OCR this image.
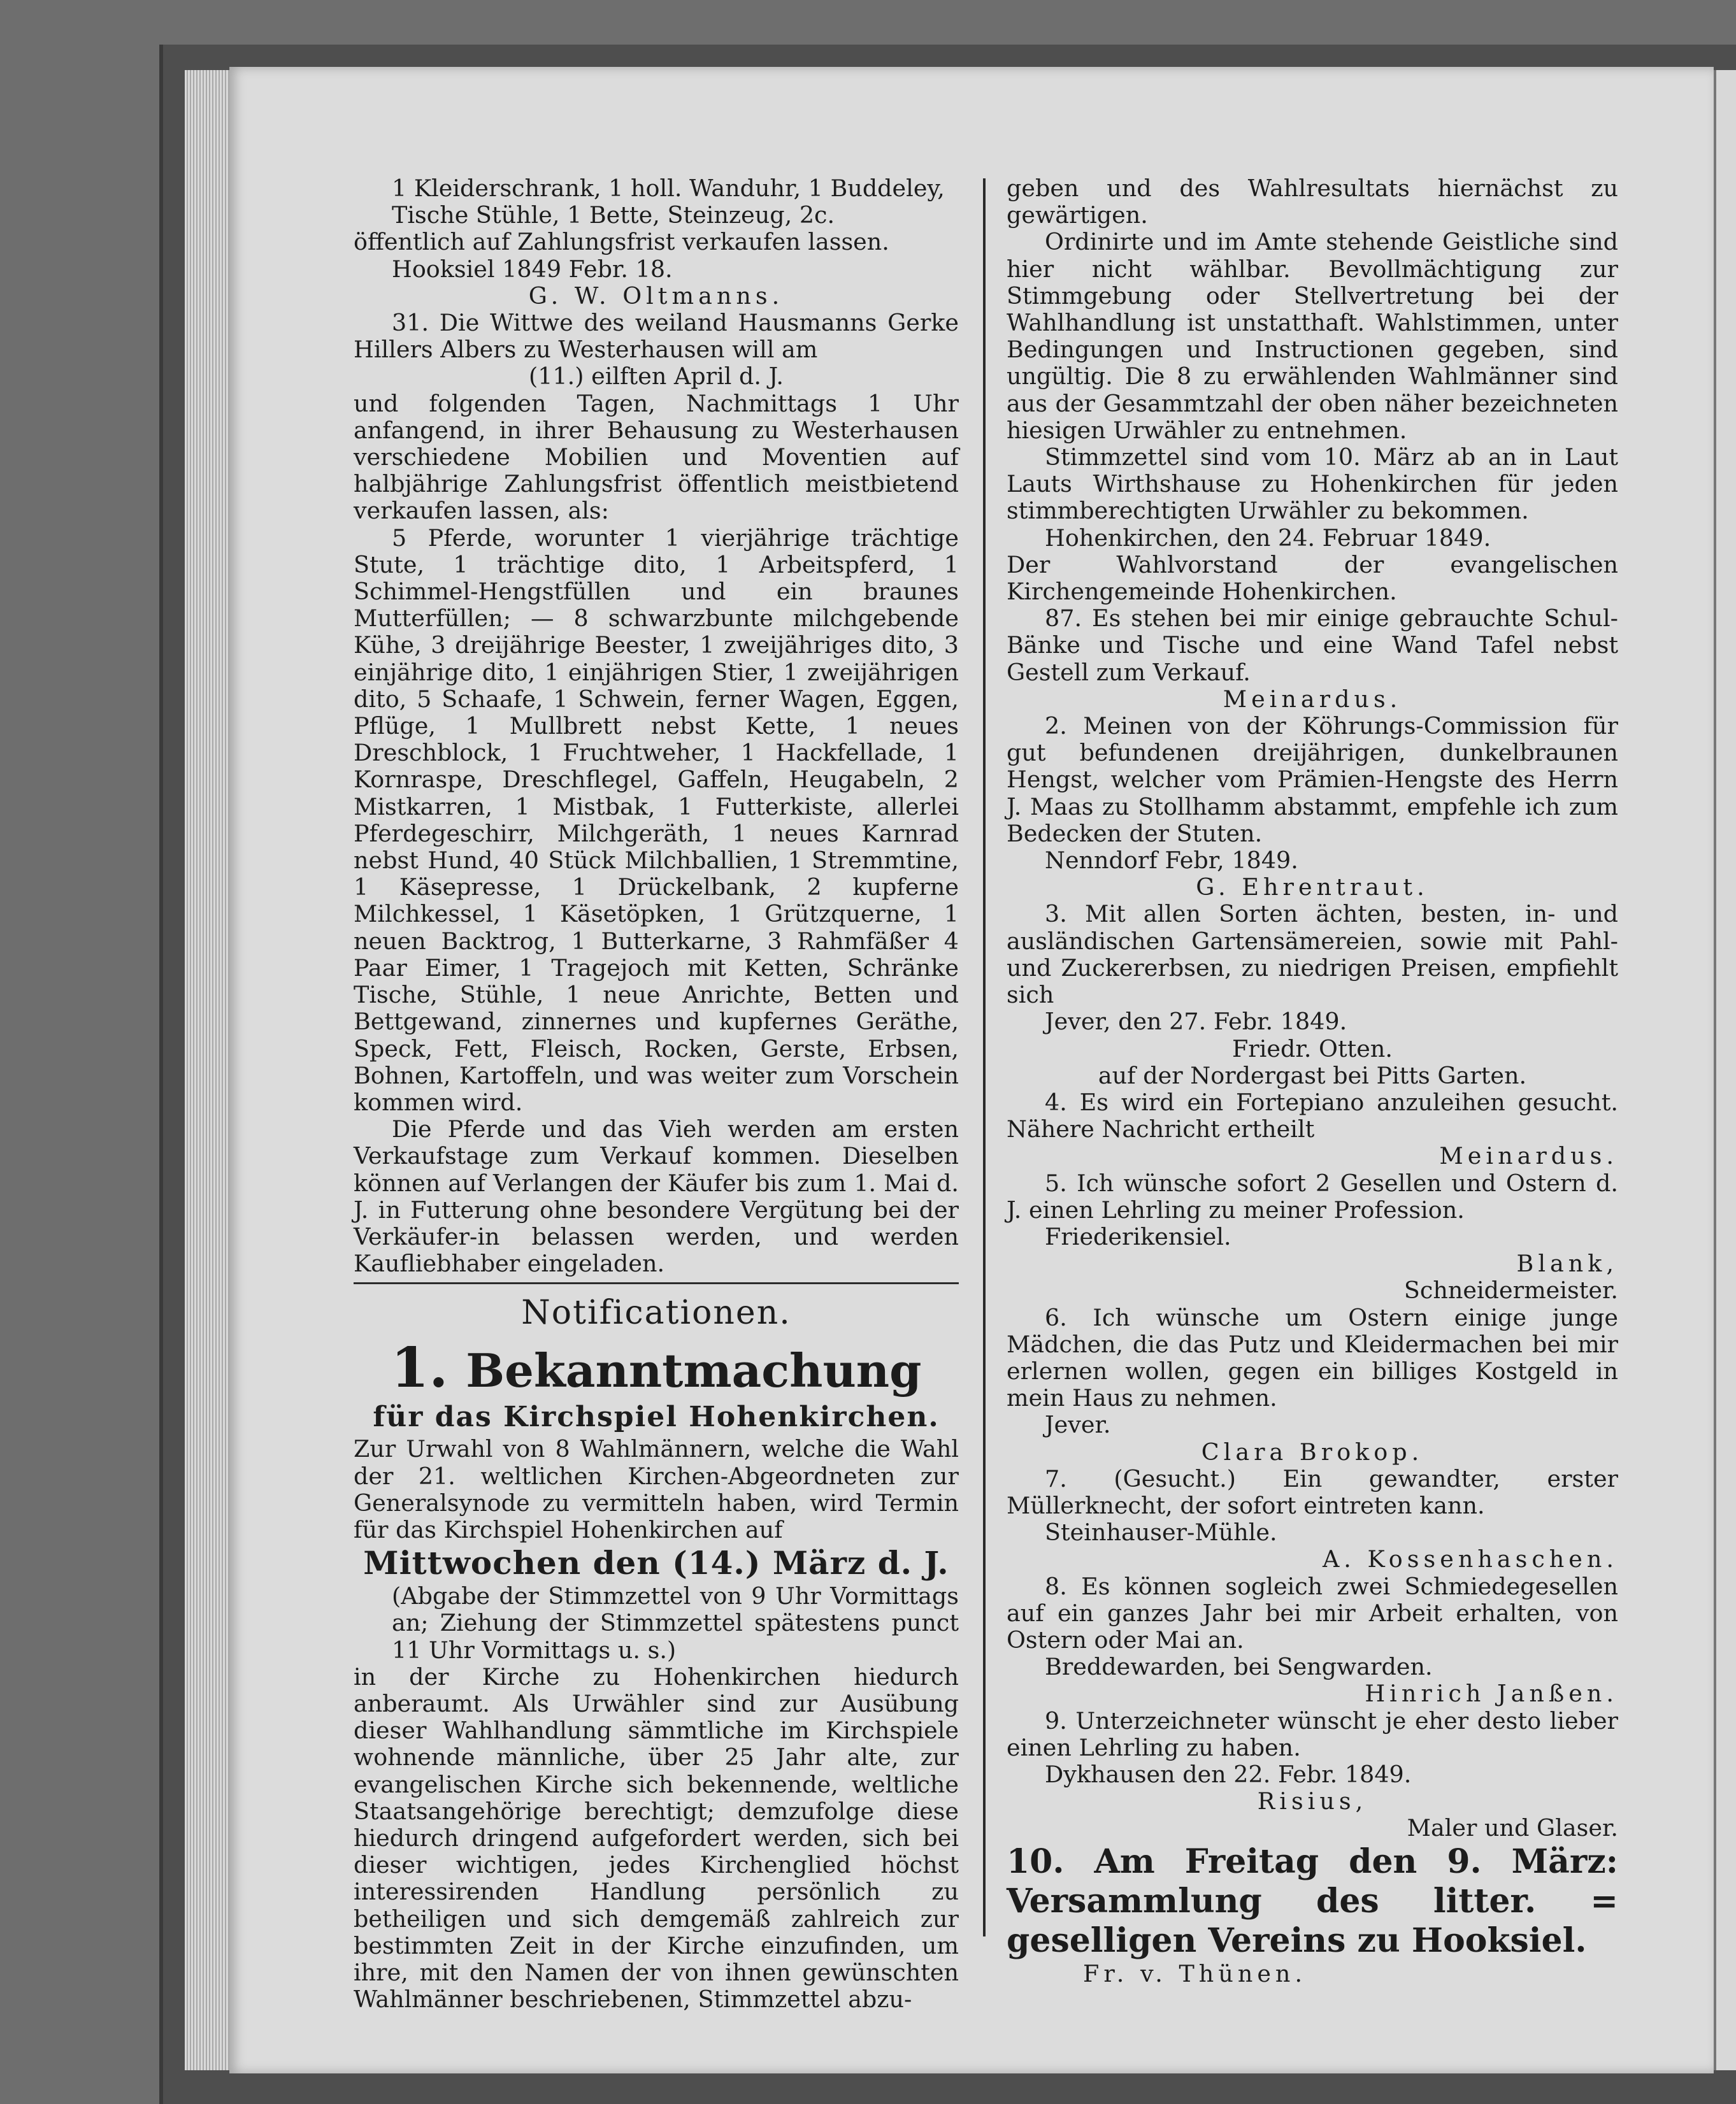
1 Kleiderschrank, 1 holl. Wanduhr, 1 Buddeley,

Tische Stühle, 1 Bette, Steinzeug, 2c.

öffentlich auf Zahlungsfrist verkaufen lassen.

Hooksiel 1849 Febr. 18.

G. W. Oltmanns.

31. Die Wittwe des weiland Hausmanns Gerke Hillers Albers zu Westerhausen will am

(11.) eilften April d. J.

und folgenden Tagen, Nachmittags 1 Uhr anfangend, in ihrer Behausung zu Westerhausen verschiedene Mobilien und Moventien auf halbjährige Zahlungsfrist öffentlich meistbietend verkaufen lassen, als:

5 Pferde, worunter 1 vierjährige trächtige Stute, 1 trächtige dito, 1 Arbeitspferd, 1 Schimmel-Hengstfüllen und ein braunes Mutterfüllen; — 8 schwarzbunte milchgebende Kühe, 3 dreijährige Beester, 1 zweijähriges dito, 3 einjährige dito, 1 einjährigen Stier, 1 zweijährigen dito, 5 Schaafe, 1 Schwein, ferner Wagen, Eggen, Pflüge, 1 Mullbrett nebst Kette, 1 neues Dreschblock, 1 Fruchtweher, 1 Hackfellade, 1 Kornraspe, Dreschflegel, Gaffeln, Heugabeln, 2 Mistkarren, 1 Mistbak, 1 Futterkiste, allerlei Pferdegeschirr, Milchgeräth, 1 neues Karnrad nebst Hund, 40 Stück Milchballien, 1 Stremmtine, 1 Käsepresse, 1 Drückelbank, 2 kupferne Milchkessel, 1 Käsetöpken, 1 Grützquerne, 1 neuen Backtrog, 1 Butterkarne, 3 Rahmfäßer 4 Paar Eimer, 1 Tragejoch mit Ketten, Schränke Tische, Stühle, 1 neue Anrichte, Betten und Bettgewand, zinnernes und kupfernes Geräthe, Speck, Fett, Fleisch, Rocken, Gerste, Erbsen, Bohnen, Kartoffeln, und was weiter zum Vorschein kommen wird.

Die Pferde und das Vieh werden am ersten Verkaufstage zum Verkauf kommen. Dieselben können auf Verlangen der Käufer bis zum 1. Mai d. J. in Futterung ohne besondere Vergütung bei der Verkäufer-in belassen werden, und werden Kaufliebhaber eingeladen.

Notificationen.
1. Bekanntmachung
für das Kirchspiel Hohenkirchen.

Zur Urwahl von 8 Wahlmännern, welche die Wahl der 21. weltlichen Kirchen-Abgeordneten zur Generalsynode zu vermitteln haben, wird Termin für das Kirchspiel Hohenkirchen auf

Mittwochen den (14.) März d. J.

(Abgabe der Stimmzettel von 9 Uhr Vormittags an; Ziehung der Stimmzettel spätestens punct 11 Uhr Vormittags u. s.)

in der Kirche zu Hohenkirchen hiedurch anberaumt. Als Urwähler sind zur Ausübung dieser Wahlhandlung sämmtliche im Kirchspiele wohnende männliche, über 25 Jahr alte, zur evangelischen Kirche sich bekennende, weltliche Staatsangehörige berechtigt; demzufolge diese hiedurch dringend aufgefordert werden, sich bei dieser wichtigen, jedes Kirchenglied höchst interessirenden Handlung persönlich zu betheiligen und sich demgemäß zahlreich zur bestimmten Zeit in der Kirche einzufinden, um ihre, mit den Namen der von ihnen gewünschten Wahlmänner beschriebenen, Stimmzettel abzu-

geben und des Wahlresultats hiernächst zu gewärtigen.

Ordinirte und im Amte stehende Geistliche sind hier nicht wählbar. Bevollmächtigung zur Stimmgebung oder Stellvertretung bei der Wahlhandlung ist unstatthaft. Wahlstimmen, unter Bedingungen und Instructionen gegeben, sind ungültig. Die 8 zu erwählenden Wahlmänner sind aus der Gesammtzahl der oben näher bezeichneten hiesigen Urwähler zu entnehmen.

Stimmzettel sind vom 10. März ab an in Laut Lauts Wirthshause zu Hohenkirchen für jeden stimmberechtigten Urwähler zu bekommen.

Hohenkirchen, den 24. Februar 1849.

Der Wahlvorstand der evangelischen Kirchengemeinde Hohenkirchen.

87. Es stehen bei mir einige gebrauchte Schul-Bänke und Tische und eine Wand Tafel nebst Gestell zum Verkauf.

Meinardus.

2. Meinen von der Köhrungs-Commission für gut befundenen dreijährigen, dunkelbraunen Hengst, welcher vom Prämien-Hengste des Herrn J. Maas zu Stollhamm abstammt, empfehle ich zum Bedecken der Stuten.

Nenndorf Febr, 1849.

G. Ehrentraut.

3. Mit allen Sorten ächten, besten, in- und ausländischen Gartensämereien, sowie mit Pahl- und Zuckererbsen, zu niedrigen Preisen, empfiehlt sich

Jever, den 27. Febr. 1849.

Friedr. Otten.

auf der Nordergast bei Pitts Garten.

4. Es wird ein Fortepiano anzuleihen gesucht. Nähere Nachricht ertheilt

Meinardus.

5. Ich wünsche sofort 2 Gesellen und Ostern d. J. einen Lehrling zu meiner Profession.

Friederikensiel.

Blank,

Schneidermeister.

6. Ich wünsche um Ostern einige junge Mädchen, die das Putz und Kleidermachen bei mir erlernen wollen, gegen ein billiges Kostgeld in mein Haus zu nehmen.

Jever.

Clara Brokop.

7. (Gesucht.) Ein gewandter, erster Müllerknecht, der sofort eintreten kann.

Steinhauser-Mühle.

A. Kossenhaschen.

8. Es können sogleich zwei Schmiedegesellen auf ein ganzes Jahr bei mir Arbeit erhalten, von Ostern oder Mai an.

Breddewarden, bei Sengwarden.

Hinrich Janßen.

9. Unterzeichneter wünscht je eher desto lieber einen Lehrling zu haben.

Dykhausen den 22. Febr. 1849.

Risius,

Maler und Glaser.

10. Am Freitag den 9. März: Versammlung des litter. = geselligen Vereins zu Hooksiel.

Fr. v. Thünen.
